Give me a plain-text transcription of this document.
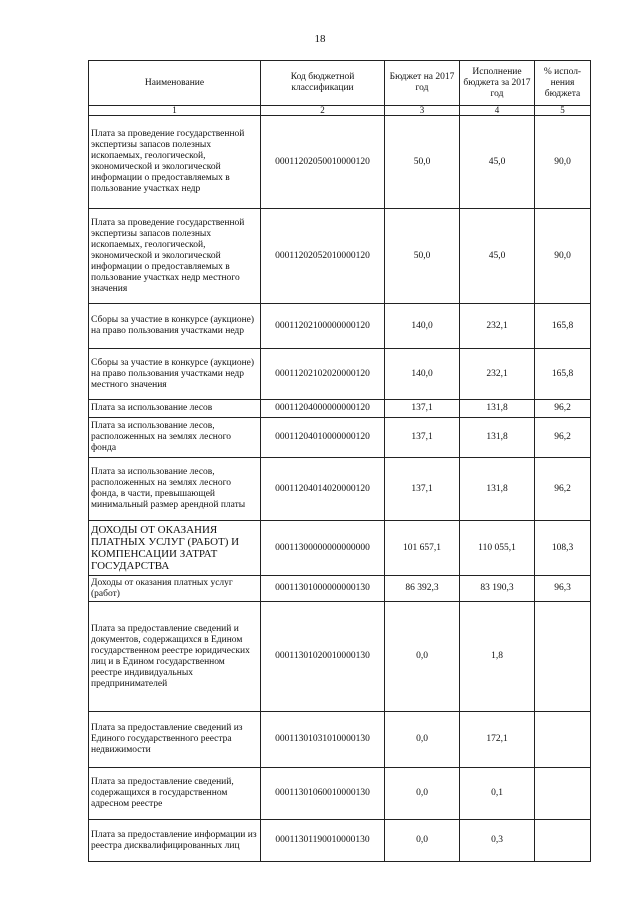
18
Наименование	Код бюджетной классификации	Бюджет на 2017 год	Исполнение бюджета за 2017 год	% испол-нения бюджета
1	2	3	4	5
Плата за проведение государственной экспертизы запасов полезных ископаемых, геологической, экономической и экологической информации о предоставляемых в пользование участках недр	00011202050010000120	50,0	45,0	90,0
Плата за проведение государственной экспертизы запасов полезных ископаемых, геологической, экономической и экологической информации о предоставляемых в пользование участках недр местного значения	00011202052010000120	50,0	45,0	90,0
Сборы за участие в конкурсе (аукционе) на право пользования участками недр	00011202100000000120	140,0	232,1	165,8
Сборы за участие в конкурсе (аукционе) на право пользования участками недр местного значения	00011202102020000120	140,0	232,1	165,8
Плата за использование лесов	00011204000000000120	137,1	131,8	96,2
Плата за использование лесов, расположенных на землях лесного фонда	00011204010000000120	137,1	131,8	96,2
Плата за использование лесов, расположенных на землях лесного фонда, в части, превышающей минимальный размер арендной платы	00011204014020000120	137,1	131,8	96,2
ДОХОДЫ ОТ ОКАЗАНИЯ ПЛАТНЫХ УСЛУГ (РАБОТ) И КОМПЕНСАЦИИ ЗАТРАТ ГОСУДАРСТВА	00011300000000000000	101 657,1	110 055,1	108,3
Доходы от оказания платных услуг (работ)	00011301000000000130	86 392,3	83 190,3	96,3
Плата за предоставление сведений и документов, содержащихся в Едином государственном реестре юридических лиц и в Едином государственном реестре индивидуальных предпринимателей	00011301020010000130	0,0	1,8	
Плата за предоставление сведений из Единого государственного реестра недвижимости	00011301031010000130	0,0	172,1	
Плата за предоставление сведений, содержащихся в государственном адресном реестре	00011301060010000130	0,0	0,1	
Плата за предоставление информации из реестра дисквалифицированных лиц	00011301190010000130	0,0	0,3	
